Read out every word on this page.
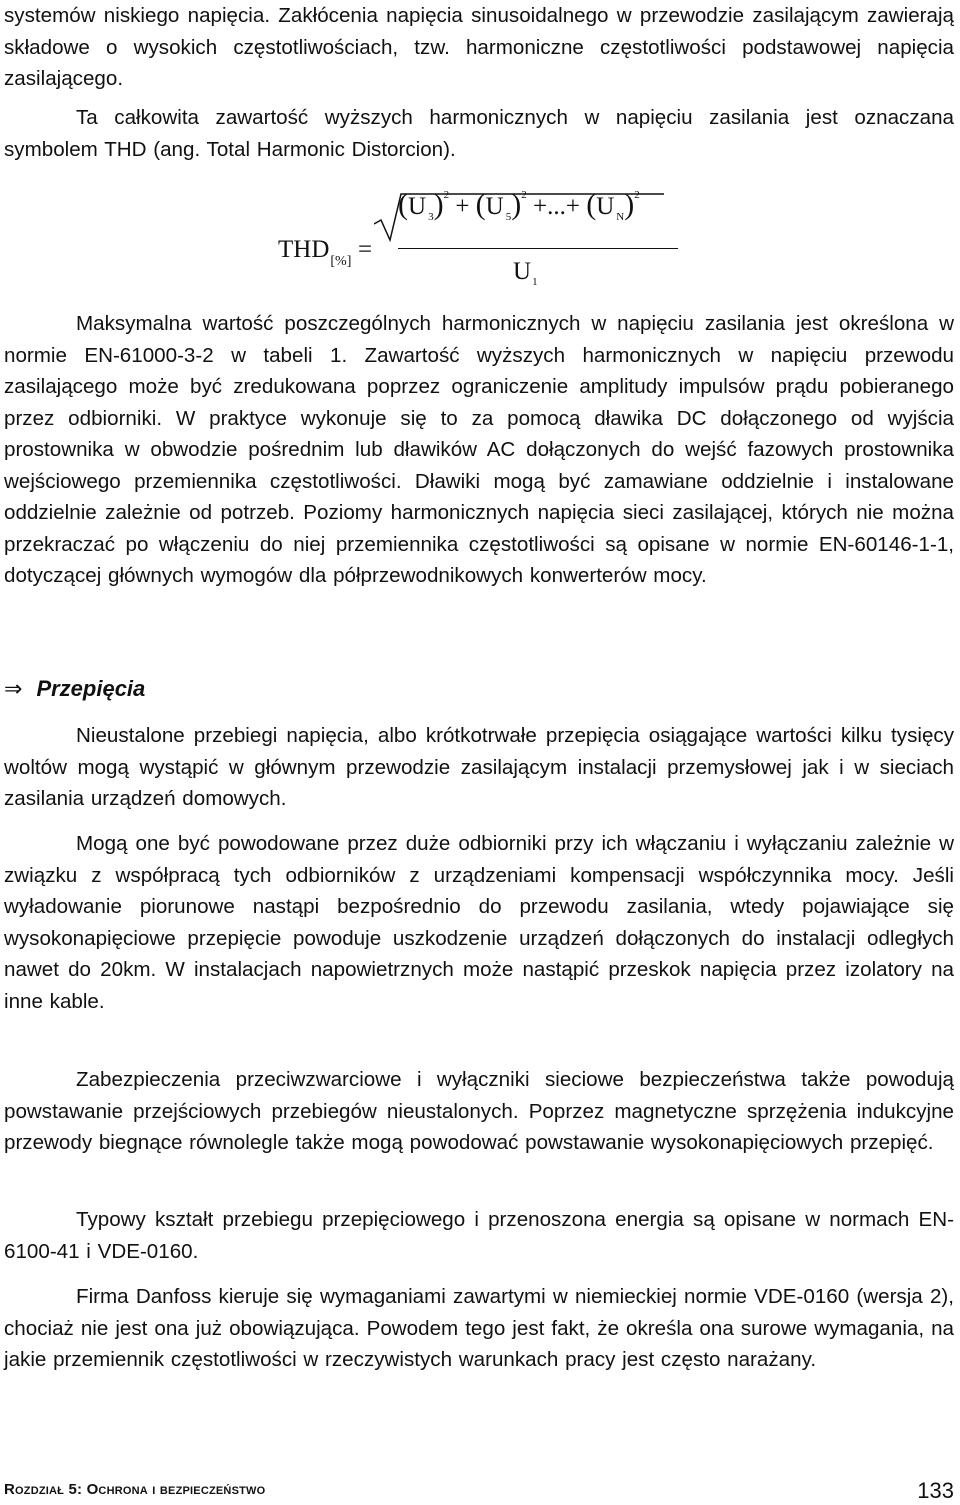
systemów niskiego napięcia. Zakłócenia napięcia sinusoidalnego w przewodzie zasilającym zawierają składowe o wysokich częstotliwościach, tzw. harmoniczne częstotliwości podstawowej napięcia zasilającego.

Ta całkowita zawartość wyższych harmonicznych w napięciu zasilania jest oznaczana symbolem THD (ang. Total Harmonic Distorcion).

$THD_{[\%]}$ =
(U $_3$)$^2$ + (U $_5$)$^2$ +...+ (U $_N$)$^2$
$U_1$

Maksymalna wartość poszczególnych harmonicznych w napięciu zasilania jest określona w normie EN-61000-3-2 w tabeli 1. Zawartość wyższych harmonicznych w napięciu przewodu zasilającego może być zredukowana poprzez ograniczenie amplitudy impulsów prądu pobieranego przez odbiorniki. W praktyce wykonuje się to za pomocą dławika DC dołączonego od wyjścia prostownika w obwodzie pośrednim lub dławików AC dołączonych do wejść fazowych prostownika wejściowego przemiennika częstotliwości. Dławiki mogą być zamawiane oddzielnie i instalowane oddzielnie zależnie od potrzeb. Poziomy harmonicznych napięcia sieci zasilającej, których nie można przekraczać po włączeniu do niej przemiennika częstotliwości są opisane w normie EN-60146-1-1, dotyczącej głównych wymogów dla półprzewodnikowych konwerterów mocy.

⇒ Przepięcia

Nieustalone przebiegi napięcia, albo krótkotrwałe przepięcia osiągające wartości kilku tysięcy woltów mogą wystąpić w głównym przewodzie zasilającym instalacji przemysłowej jak i w sieciach zasilania urządzeń domowych.

Mogą one być powodowane przez duże odbiorniki przy ich włączaniu i wyłączaniu zależnie w związku z współpracą tych odbiorników z urządzeniami kompensacji współczynnika mocy. Jeśli wyładowanie piorunowe nastąpi bezpośrednio do przewodu zasilania, wtedy pojawiające się wysokonapięciowe przepięcie powoduje uszkodzenie urządzeń dołączonych do instalacji odległych nawet do 20km. W instalacjach napowietrznych może nastąpić przeskok napięcia przez izolatory na inne kable.

Zabezpieczenia przeciwzwarciowe i wyłączniki sieciowe bezpieczeństwa także powodują powstawanie przejściowych przebiegów nieustalonych. Poprzez magnetyczne sprzężenia indukcyjne przewody biegnące równolegle także mogą powodować powstawanie wysokonapięciowych przepięć.

Typowy kształt przebiegu przepięciowego i przenoszona energia są opisane w normach EN-6100-41 i VDE-0160.

Firma Danfoss kieruje się wymaganiami zawartymi w niemieckiej normie VDE-0160 (wersja 2), chociaż nie jest ona już obowiązująca. Powodem tego jest fakt, że określa ona surowe wymagania, na jakie przemiennik częstotliwości w rzeczywistych warunkach pracy jest często narażany.

Rozdział 5: Ochrona i bezpieczeństwo	133
